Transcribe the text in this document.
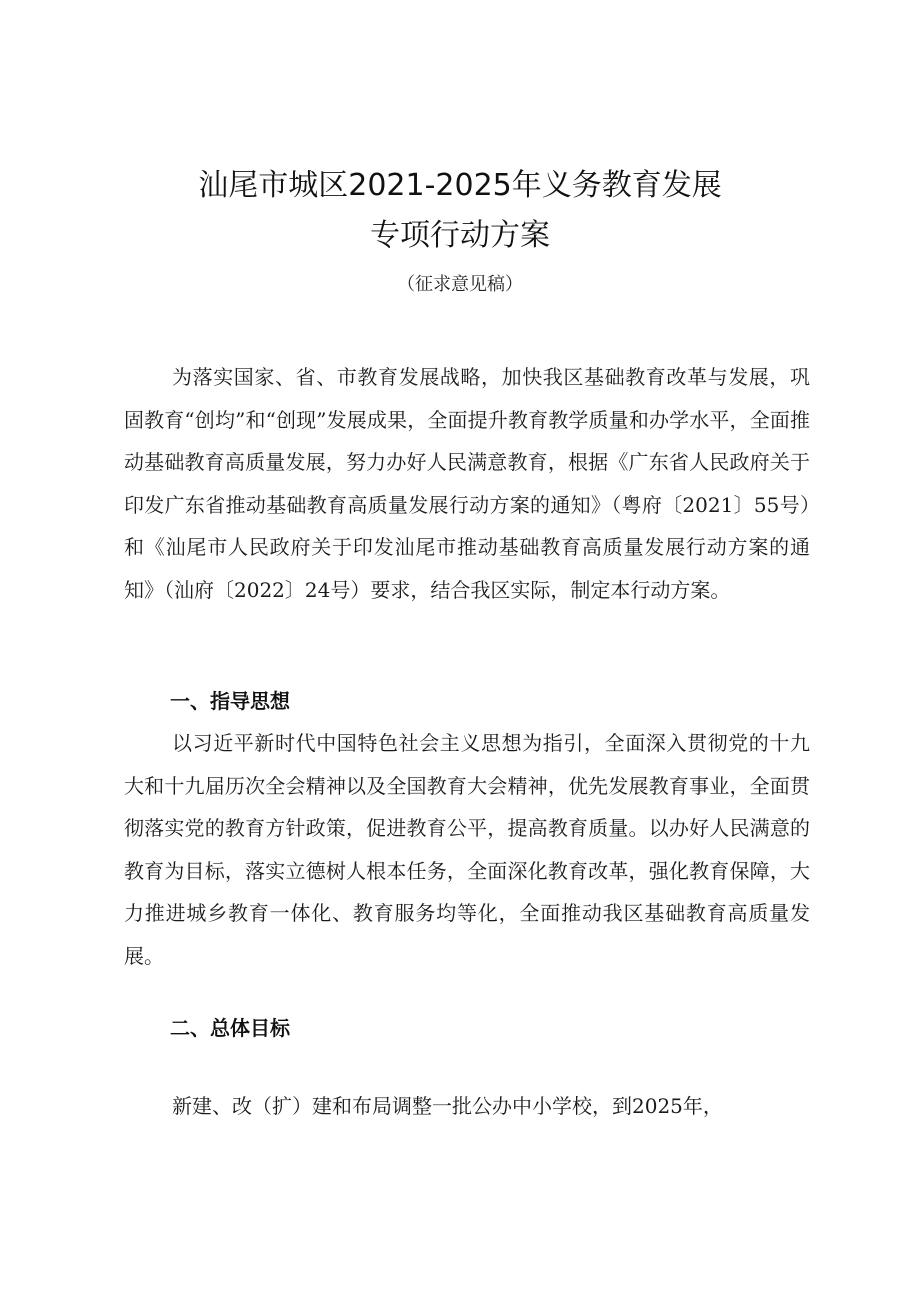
汕尾市城区2021-2025年义务教育发展
专项行动方案
（征求意见稿）

为落实国家、省、市教育发展战略，加快我区基础教育改革与发展，巩固教育“创均”和“创现”发展成果，全面提升教育教学质量和办学水平，全面推动基础教育高质量发展，努力办好人民满意教育，根据《广东省人民政府关于印发广东省推动基础教育高质量发展行动方案的通知》（粤府〔2021〕55号）和《汕尾市人民政府关于印发汕尾市推动基础教育高质量发展行动方案的通知》（汕府〔2022〕24号）要求，结合我区实际，制定本行动方案。

一、指导思想

以习近平新时代中国特色社会主义思想为指引，全面深入贯彻党的十九大和十九届历次全会精神以及全国教育大会精神，优先发展教育事业，全面贯彻落实党的教育方针政策，促进教育公平，提高教育质量。以办好人民满意的教育为目标，落实立德树人根本任务，全面深化教育改革，强化教育保障，大力推进城乡教育一体化、教育服务均等化，全面推动我区基础教育高质量发展。

二、总体目标

新建、改（扩）建和布局调整一批公办中小学校，到2025年，
